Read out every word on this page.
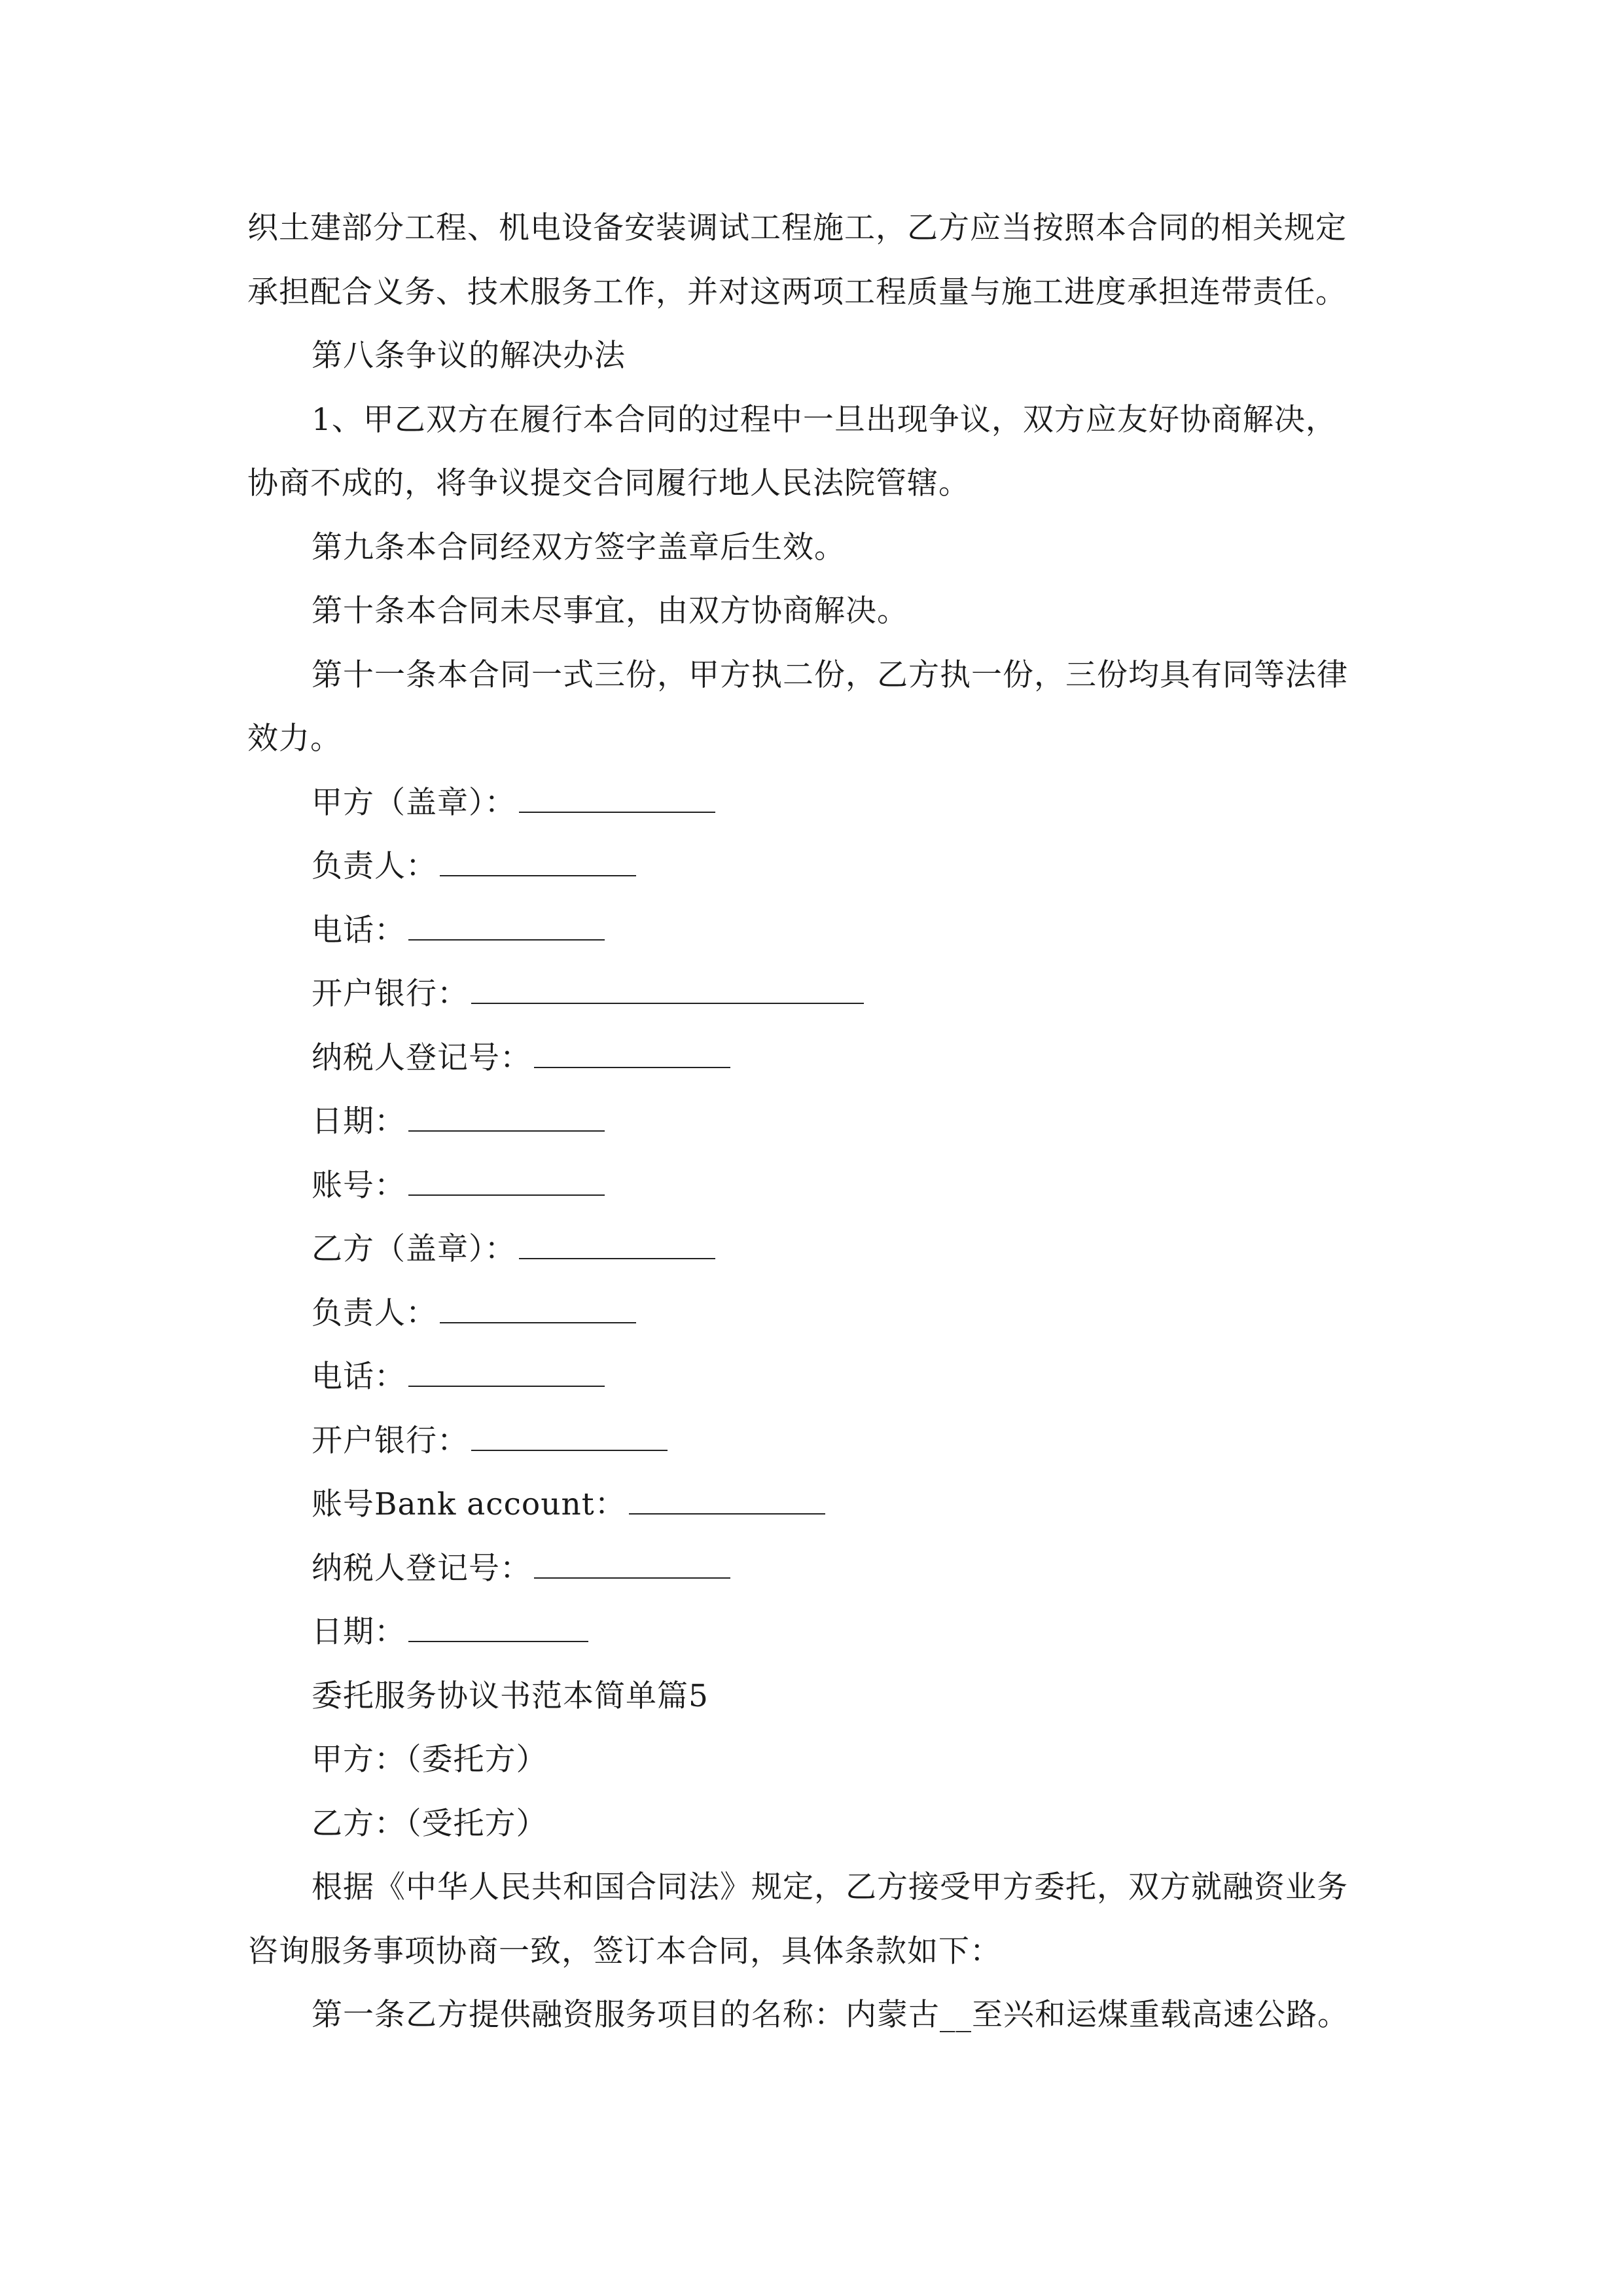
织土建部分工程、机电设备安装调试工程施工，乙方应当按照本合同的相关规定
承担配合义务、技术服务工作，并对这两项工程质量与施工进度承担连带责任。
第八条争议的解决办法
1、甲乙双方在履行本合同的过程中一旦出现争议，双方应友好协商解决，
协商不成的，将争议提交合同履行地人民法院管辖。
第九条本合同经双方签字盖章后生效。
第十条本合同未尽事宜，由双方协商解决。
第十一条本合同一式三份，甲方执二份，乙方执一份，三份均具有同等法律
效力。
甲方（盖章）：
负责人：
电话：
开户银行：
纳税人登记号：
日期：
账号：
乙方（盖章）：
负责人：
电话：
开户银行：
账号Bank account：
纳税人登记号：
日期：
委托服务协议书范本简单篇5
甲方：（委托方）
乙方：（受托方）
根据《中华人民共和国合同法》规定，乙方接受甲方委托，双方就融资业务
咨询服务事项协商一致，签订本合同，具体条款如下：
第一条乙方提供融资服务项目的名称：内蒙古__至兴和运煤重载高速公路。
